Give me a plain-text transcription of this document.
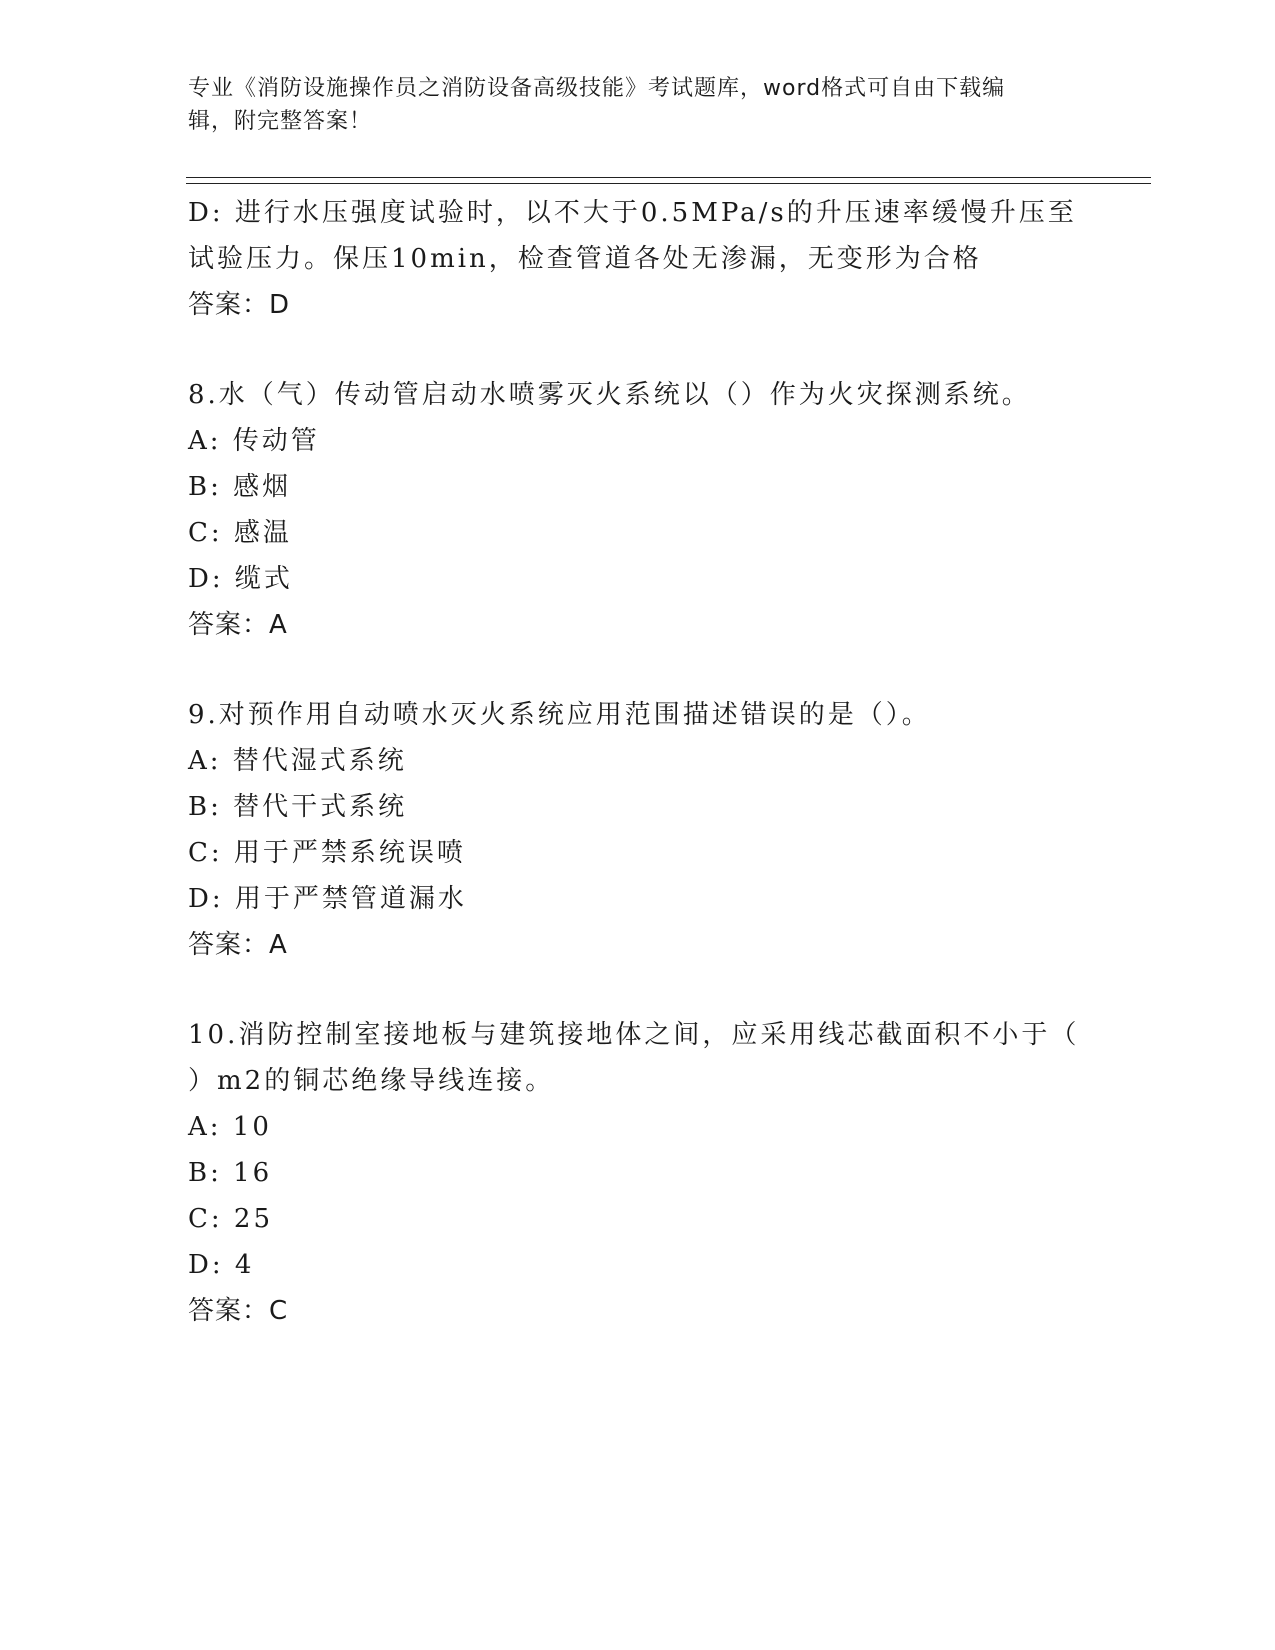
专业《消防设施操作员之消防设备高级技能》考试题库，word格式可自由下载编
辑，附完整答案！
D: 进行水压强度试验时，以不大于0.5MPa/s的升压速率缓慢升压至
试验压力。保压10min，检查管道各处无渗漏，无变形为合格
答案：D
8.水（气）传动管启动水喷雾灭火系统以（）作为火灾探测系统。
A: 传动管
B: 感烟
C: 感温
D: 缆式
答案：A
9.对预作用自动喷水灭火系统应用范围描述错误的是（）。
A: 替代湿式系统
B: 替代干式系统
C: 用于严禁系统误喷
D: 用于严禁管道漏水
答案：A
10.消防控制室接地板与建筑接地体之间，应采用线芯截面积不小于（
）m2的铜芯绝缘导线连接。
A: 10
B: 16
C: 25
D: 4
答案：C
